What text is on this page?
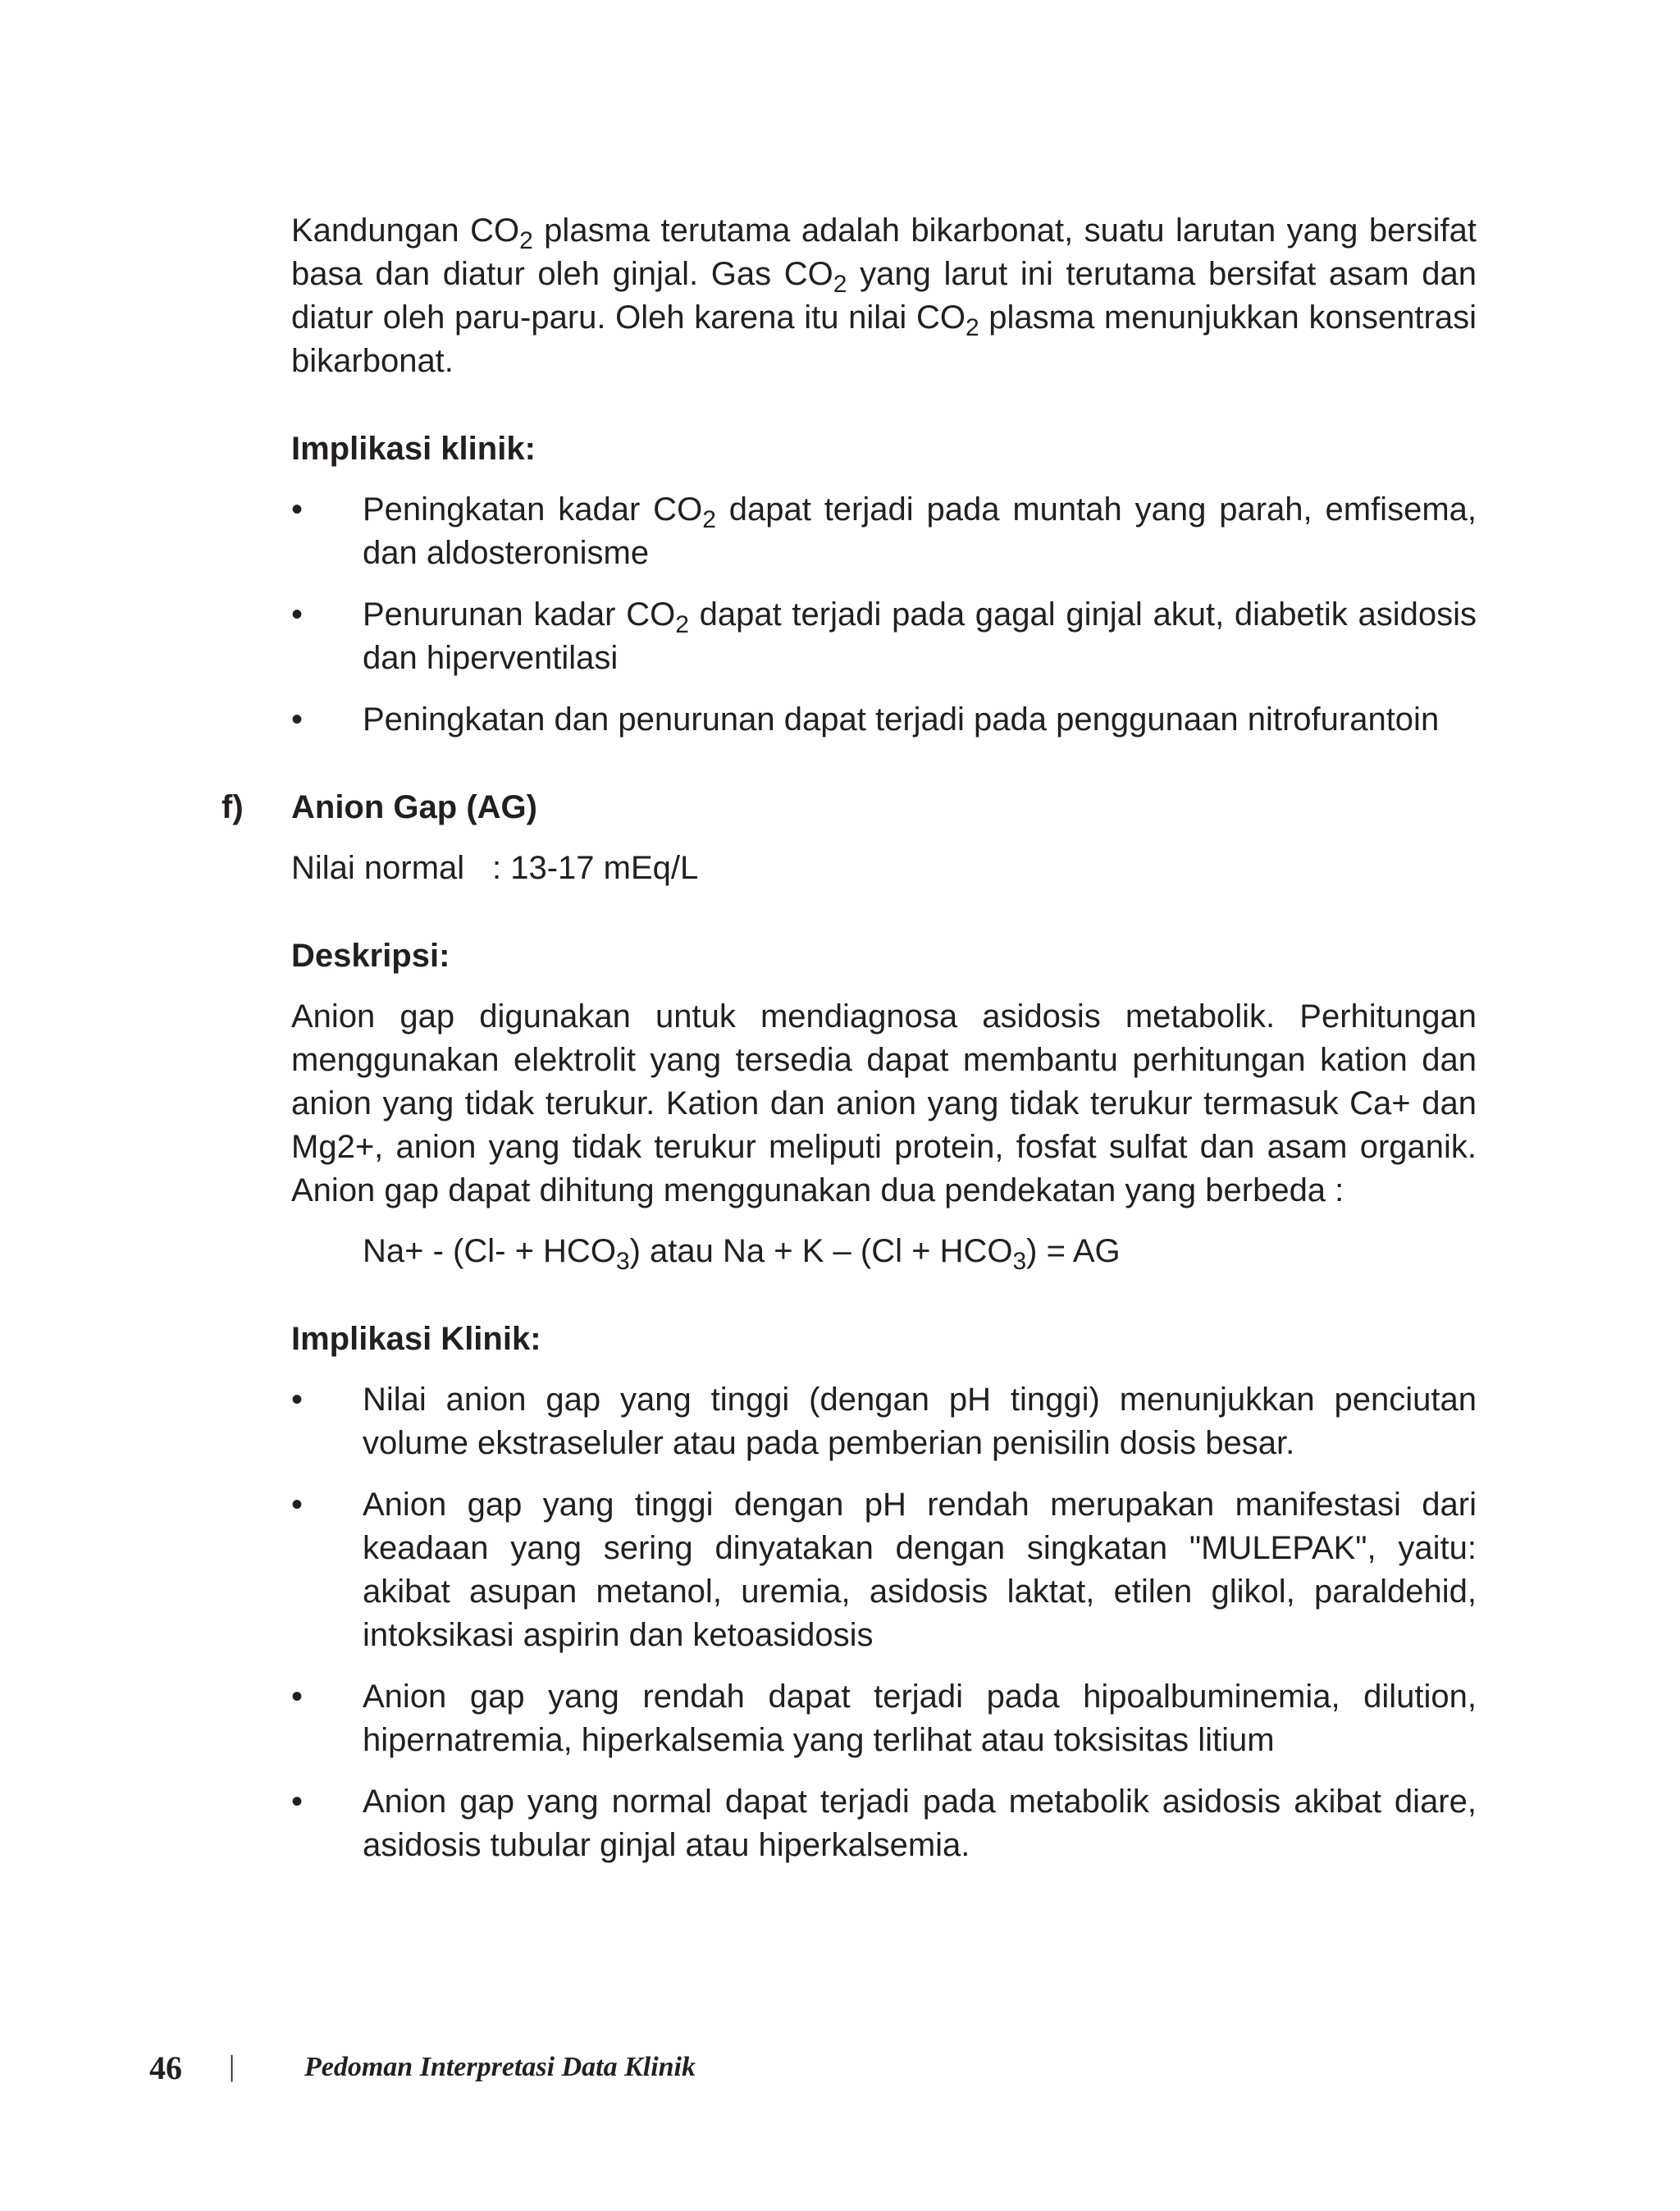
Kandungan $CO_2$ plasma terutama adalah bikarbonat, suatu larutan yang bersifat basa dan diatur oleh ginjal. Gas $CO_2$ yang larut ini terutama bersifat asam dan diatur oleh paru-paru. Oleh karena itu nilai $CO_2$ plasma menunjukkan konsentrasi bikarbonat.

Implikasi klinik:

•	Peningkatan kadar $CO_2$ dapat terjadi pada muntah yang parah, emfisema, dan aldosteronisme
•	Penurunan kadar $CO_2$ dapat terjadi pada gagal ginjal akut, diabetik asidosis dan hiperventilasi
•	Peningkatan dan penurunan dapat terjadi pada penggunaan nitrofurantoin

f) Anion Gap (AG)

Nilai normal : 13-17 mEq/L

Deskripsi:

Anion gap digunakan untuk mendiagnosa asidosis metabolik. Perhitungan menggunakan elektrolit yang tersedia dapat membantu perhitungan kation dan anion yang tidak terukur. Kation dan anion yang tidak terukur termasuk Ca+ dan Mg2+, anion yang tidak terukur meliputi protein, fosfat sulfat dan asam organik. Anion gap dapat dihitung menggunakan dua pendekatan yang berbeda :

$Na+ - (Cl- + HCO_3)$ atau $Na + K - (Cl + HCO_3)$ = AG

Implikasi Klinik:

•	Nilai anion gap yang tinggi (dengan pH tinggi) menunjukkan penciutan volume ekstraseluler atau pada pemberian penisilin dosis besar.
•	Anion gap yang tinggi dengan pH rendah merupakan manifestasi dari keadaan yang sering dinyatakan dengan singkatan "MULEPAK", yaitu: akibat asupan metanol, uremia, asidosis laktat, etilen glikol, paraldehid, intoksikasi aspirin dan ketoasidosis
•	Anion gap yang rendah dapat terjadi pada hipoalbuminemia, dilution, hipernatremia, hiperkalsemia yang terlihat atau toksisitas litium
•	Anion gap yang normal dapat terjadi pada metabolik asidosis akibat diare, asidosis tubular ginjal atau hiperkalsemia.
46 | Pedoman Interpretasi Data Klinik
